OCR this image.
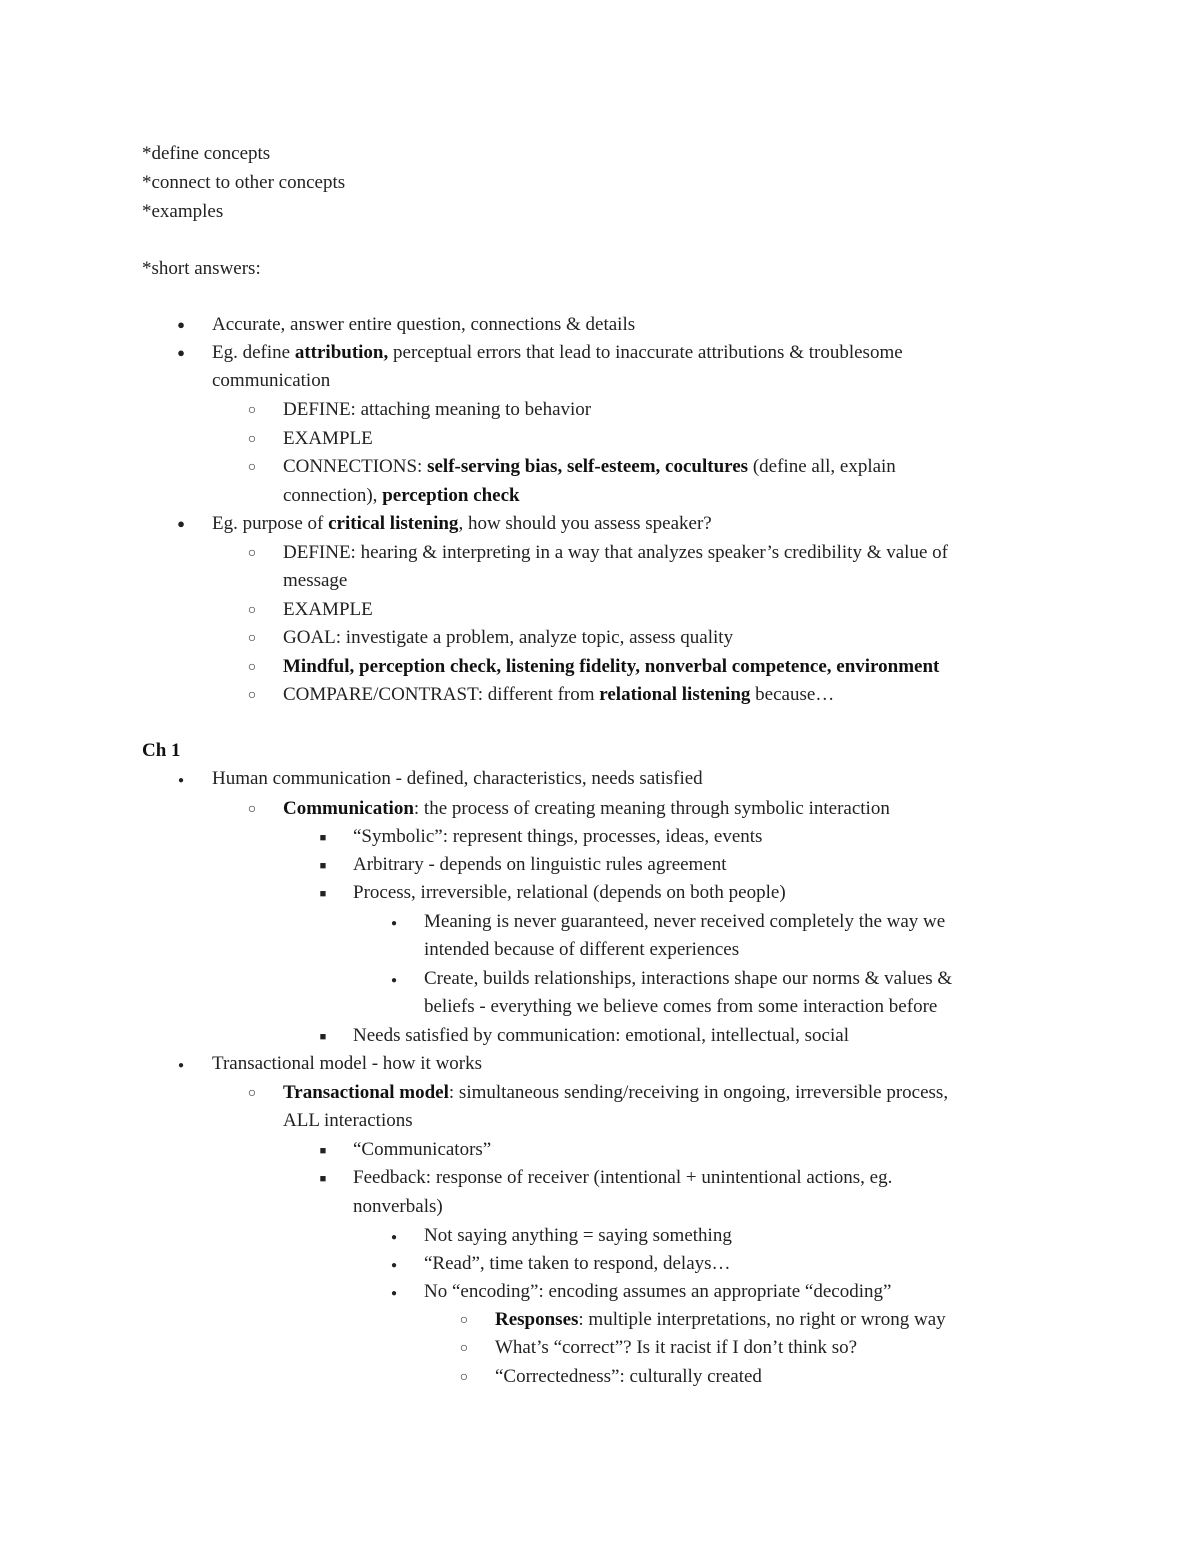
*define concepts
*connect to other concepts
*examples
*short answers:
●
Accurate, answer entire question, connections & details
●
Eg. define attribution, perceptual errors that lead to inaccurate attributions & troublesome
communication
○
DEFINE: attaching meaning to behavior
○
EXAMPLE
○
CONNECTIONS: self-serving bias, self-esteem, cocultures (define all, explain
connection), perception check
●
Eg. purpose of critical listening, how should you assess speaker?
○
DEFINE: hearing & interpreting in a way that analyzes speaker’s credibility & value of
message
○
EXAMPLE
○
GOAL: investigate a problem, analyze topic, assess quality
○
Mindful, perception check, listening fidelity, nonverbal competence, environment
○
COMPARE/CONTRAST: different from relational listening because…
Ch 1
●
Human communication - defined, characteristics, needs satisfied
○
Communication: the process of creating meaning through symbolic interaction
■
“Symbolic”: represent things, processes, ideas, events
■
Arbitrary - depends on linguistic rules agreement
■
Process, irreversible, relational (depends on both people)
●
Meaning is never guaranteed, never received completely the way we
intended because of different experiences
●
Create, builds relationships, interactions shape our norms & values &
beliefs - everything we believe comes from some interaction before
■
Needs satisfied by communication: emotional, intellectual, social
●
Transactional model - how it works
○
Transactional model: simultaneous sending/receiving in ongoing, irreversible process,
ALL interactions
■
“Communicators”
■
Feedback: response of receiver (intentional + unintentional actions, eg.
nonverbals)
●
Not saying anything = saying something
●
“Read”, time taken to respond, delays…
●
No “encoding”: encoding assumes an appropriate “decoding”
○
Responses: multiple interpretations, no right or wrong way
○
What’s “correct”? Is it racist if I don’t think so?
○
“Correctedness”: culturally created
